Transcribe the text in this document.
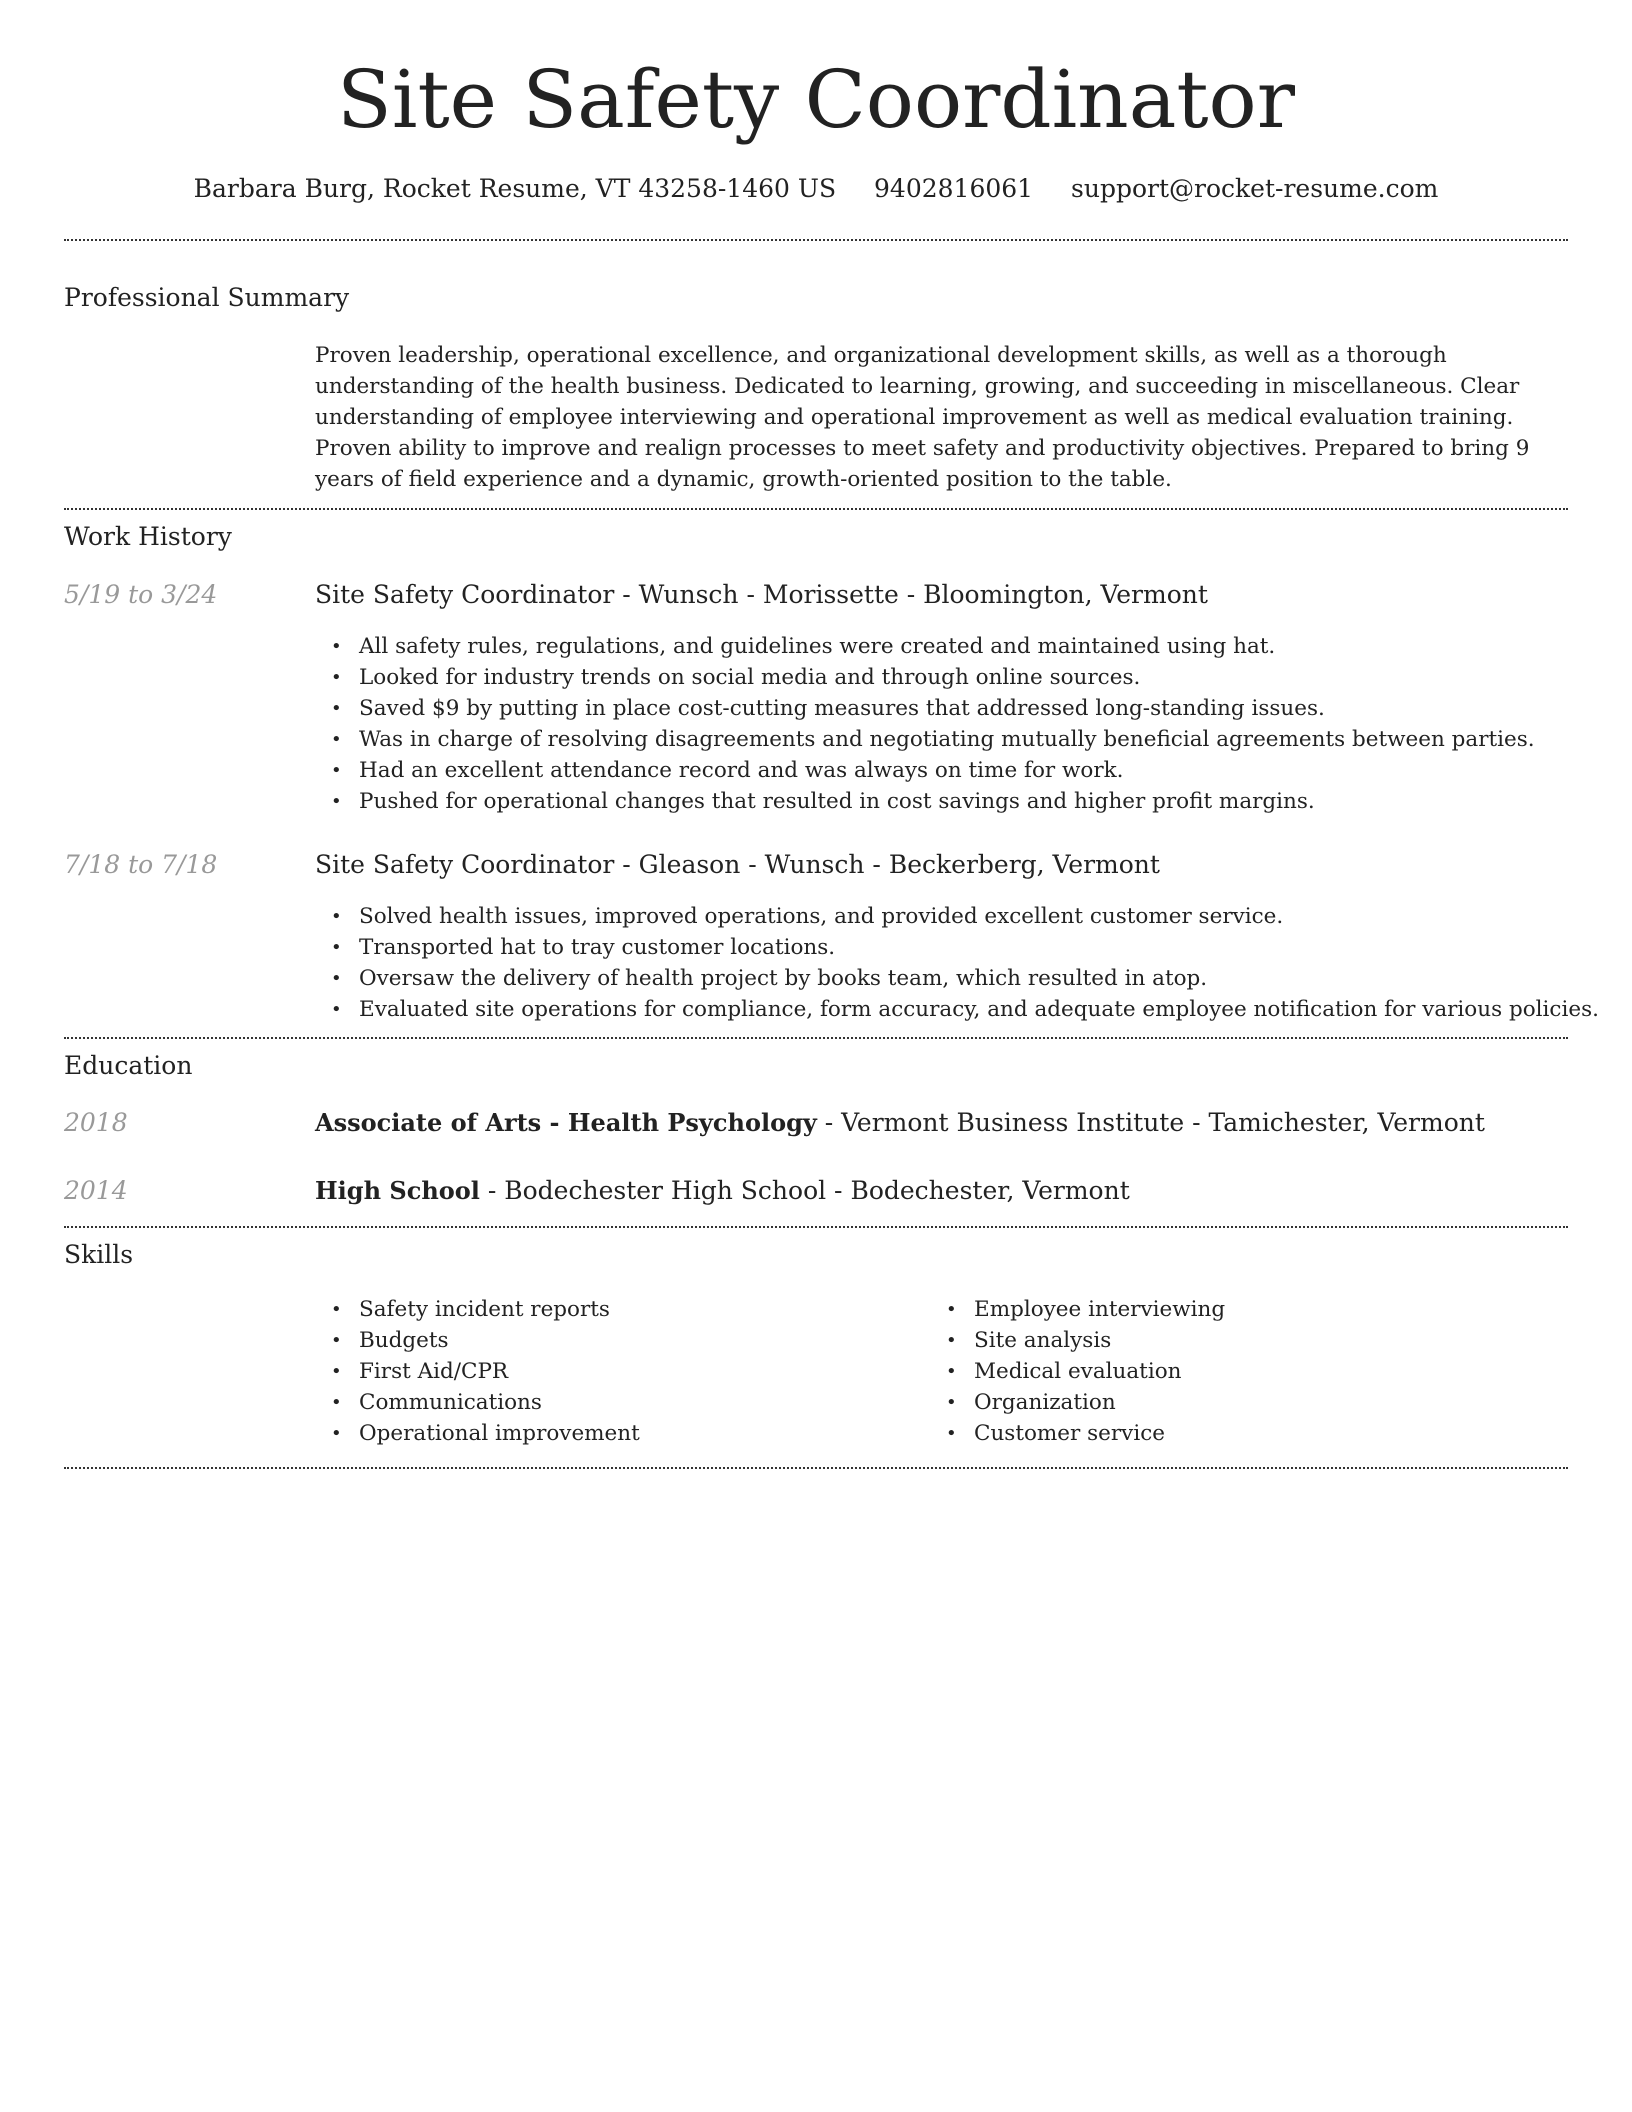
Site Safety Coordinator
Barbara Burg, Rocket Resume, VT 43258-1460 US 9402816061 support@rocket-resume.com
Professional Summary

Proven leadership, operational excellence, and organizational development skills, as well as a thorough understanding of the health business. Dedicated to learning, growing, and succeeding in miscellaneous. Clear understanding of employee interviewing and operational improvement as well as medical evaluation training. Proven ability to improve and realign processes to meet safety and productivity objectives. Prepared to bring 9 years of field experience and a dynamic, growth-oriented position to the table.

Work History
5/19 to 3/24	Site Safety Coordinator - Wunsch - Morissette - Bloomington, Vermont
• All safety rules, regulations, and guidelines were created and maintained using hat.
• Looked for industry trends on social media and through online sources.
• Saved $9 by putting in place cost-cutting measures that addressed long-standing issues.
• Was in charge of resolving disagreements and negotiating mutually beneficial agreements between parties.
• Had an excellent attendance record and was always on time for work.
• Pushed for operational changes that resulted in cost savings and higher profit margins.
7/18 to 7/18	Site Safety Coordinator - Gleason - Wunsch - Beckerberg, Vermont
• Solved health issues, improved operations, and provided excellent customer service.
• Transported hat to tray customer locations.
• Oversaw the delivery of health project by books team, which resulted in atop.
• Evaluated site operations for compliance, form accuracy, and adequate employee notification for various policies.
Education
2018	Associate of Arts - Health Psychology - Vermont Business Institute - Tamichester, Vermont
2014	High School - Bodechester High School - Bodechester, Vermont
Skills
• Safety incident reports
• Budgets
• First Aid/CPR
• Communications
• Operational improvement
• Employee interviewing
• Site analysis
• Medical evaluation
• Organization
• Customer service
